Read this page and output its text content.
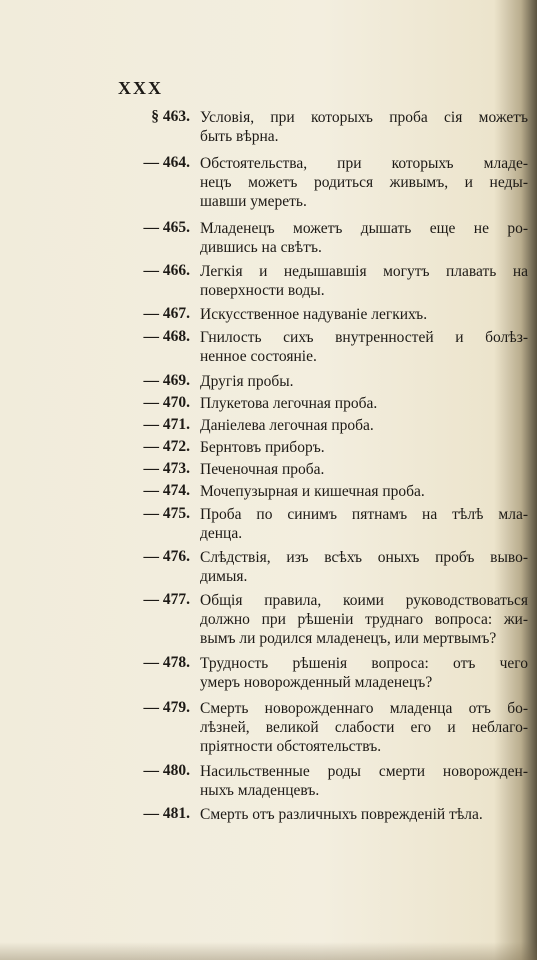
XXX
§ 463. Условія, при которыхъ проба сія можетъ
быть вѣрна.
— 464. Обстоятельства, при которыхъ младе-
нецъ можетъ родиться живымъ, и неды-
шавши умереть.
— 465. Младенецъ можетъ дышать еще не ро-
дившись на свѣтъ.
— 466. Легкія и недышавшія могутъ плавать на
поверхности воды.
— 467. Искусственное надуваніе легкихъ.
— 468. Гнилость сихъ внутренностей и болѣз-
ненное состояніе.
— 469. Другія пробы.
— 470. Плукетова легочная проба.
— 471. Даніелева легочная проба.
— 472. Бернтовъ приборъ.
— 473. Печеночная проба.
— 474. Мочепузырная и кишечная проба.
— 475. Проба по синимъ пятнамъ на тѣлѣ мла-
денца.
— 476. Слѣдствія, изъ всѣхъ оныхъ пробъ выво-
димыя.
— 477. Общія правила, коими руководствоваться
должно при рѣшеніи труднаго вопроса: жи-
вымъ ли родился младенецъ, или мертвымъ?
— 478. Трудность рѣшенія вопроса: отъ чего
умеръ новорожденный младенецъ?
— 479. Смерть новорожденнаго младенца отъ бо-
лѣзней, великой слабости его и неблаго-
пріятности обстоятельствъ.
— 480. Насильственные роды смерти новорожден-
ныхъ младенцевъ.
— 481. Смерть отъ различныхъ поврежденій тѣла.
